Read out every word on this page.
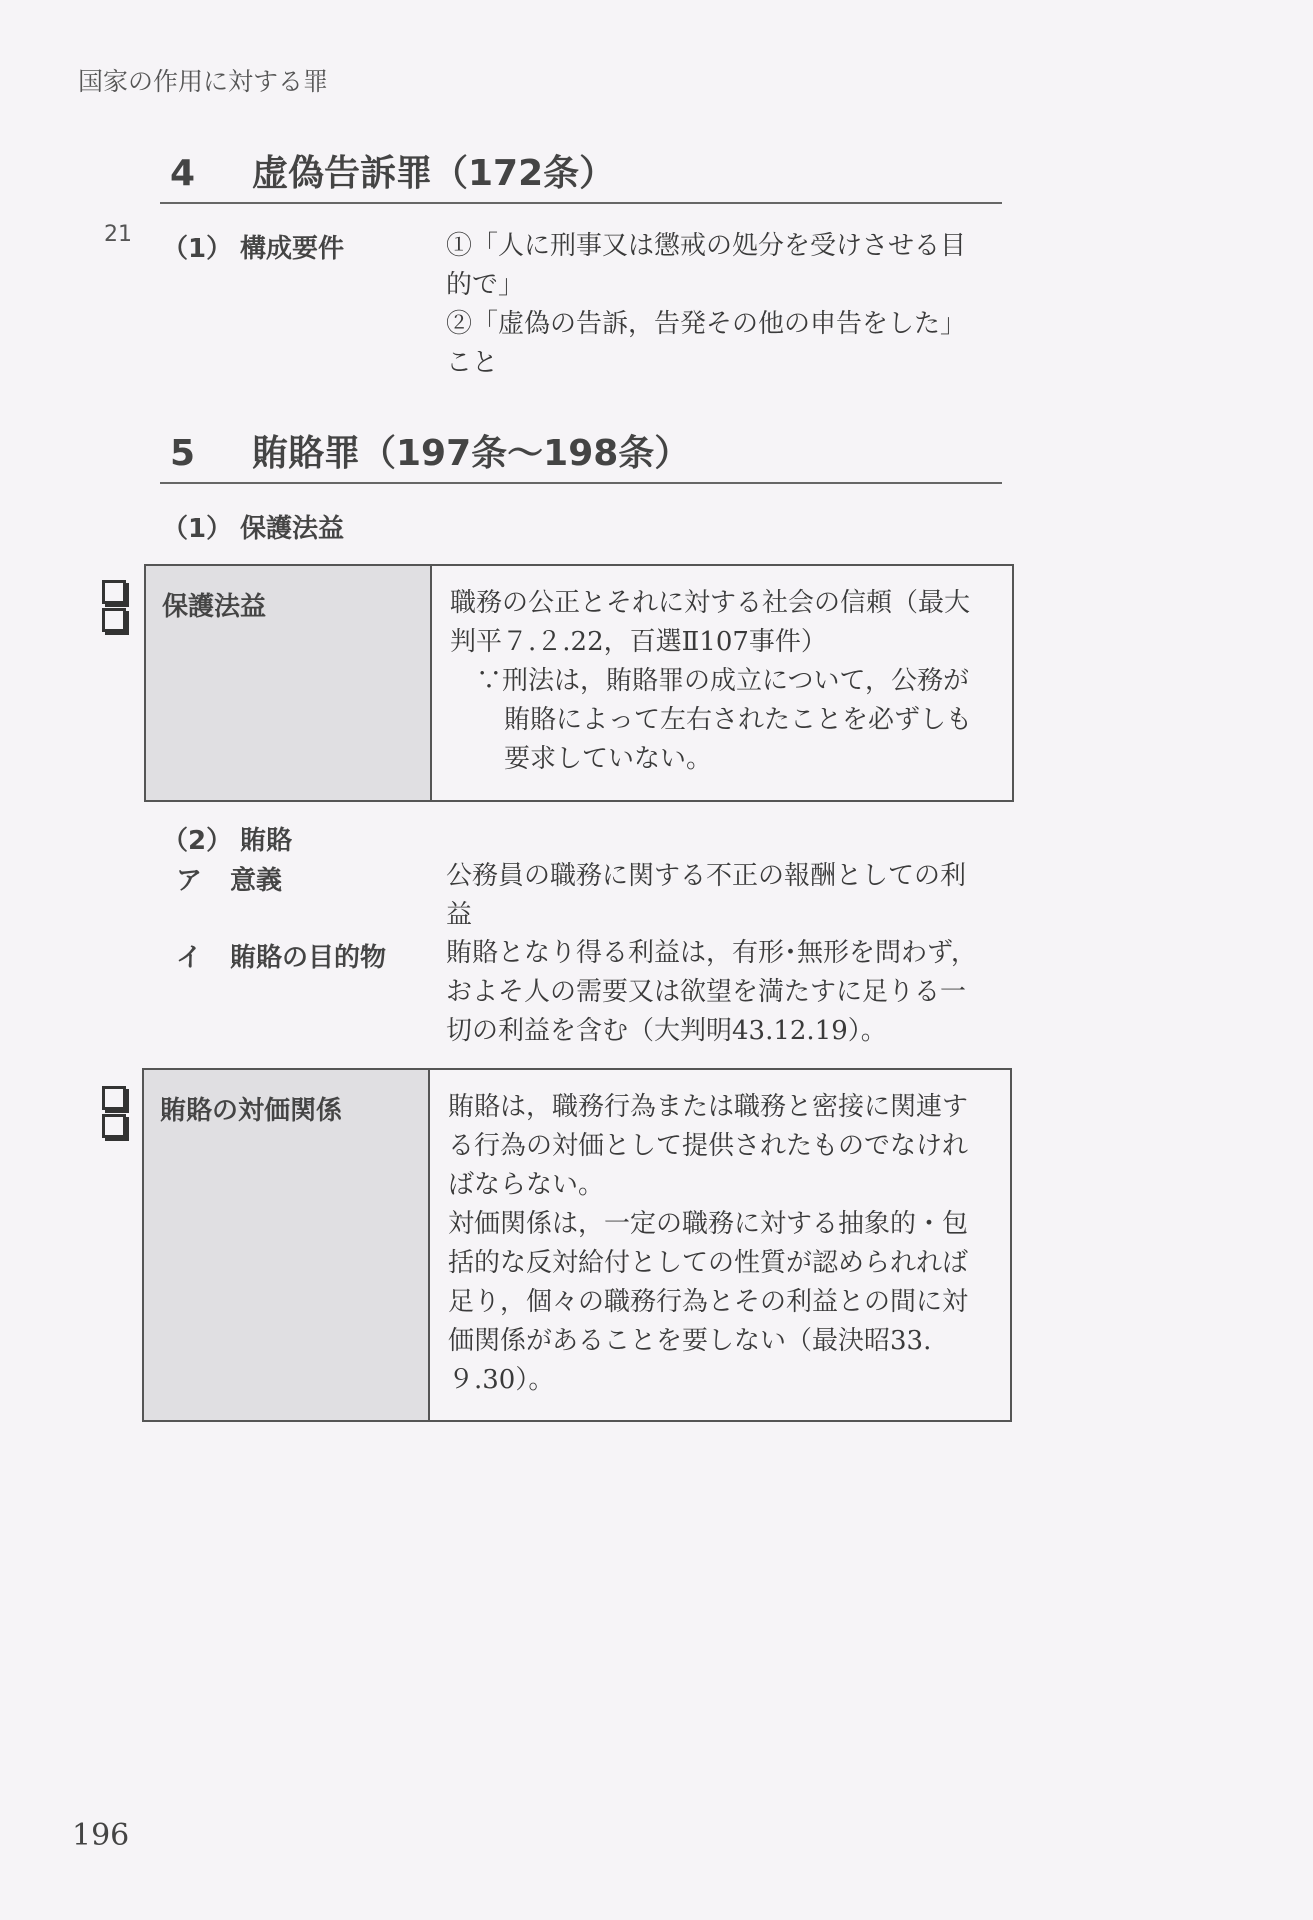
国家の作用に対する罪
4 虚偽告訴罪（172条）
21 （1） 構成要件	①「人に刑事又は懲戒の処分を受けさせる目
的で」
②「虚偽の告訴，告発その他の申告をした」
こと
5 賄賂罪（197条～198条）
（1） 保護法益
保護法益	職務の公正とそれに対する社会の信頼（最大
判平７.２.22，百選Ⅱ107事件）
∵刑法は，賄賂罪の成立について，公務が
賄賂によって左右されたことを必ずしも
要求していない。
（2） 賄賂
ア 意義	公務員の職務に関する不正の報酬としての利
益
イ 賄賂の目的物 賄賂となり得る利益は，有形･無形を問わず，
およそ人の需要又は欲望を満たすに足りる一
切の利益を含む（大判明43.12.19）。
賄賂の対価関係	賄賂は，職務行為または職務と密接に関連す
る行為の対価として提供されたものでなけれ
ばならない。
対価関係は，一定の職務に対する抽象的・包
括的な反対給付としての性質が認められれば
足り，個々の職務行為とその利益との間に対
価関係があることを要しない（最決昭33.
９.30）。
196
